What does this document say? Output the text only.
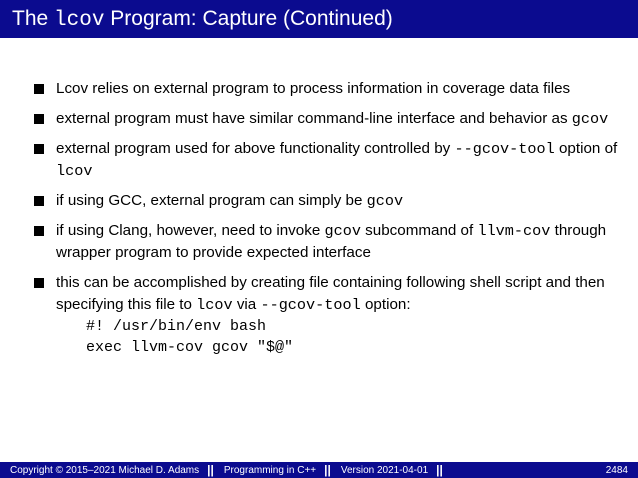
The lcov Program: Capture (Continued)
Lcov relies on external program to process information in coverage data files
external program must have similar command-line interface and behavior as gcov
external program used for above functionality controlled by --gcov-tool option of lcov
if using GCC, external program can simply be gcov
if using Clang, however, need to invoke gcov subcommand of llvm-cov through wrapper program to provide expected interface
this can be accomplished by creating file containing following shell script and then specifying this file to lcov via --gcov-tool option:
#! /usr/bin/env bash
exec llvm-cov gcov "$@"
Copyright © 2015–2021 Michael D. Adams || Programming in C++ || Version 2021-04-01 ||	2484
